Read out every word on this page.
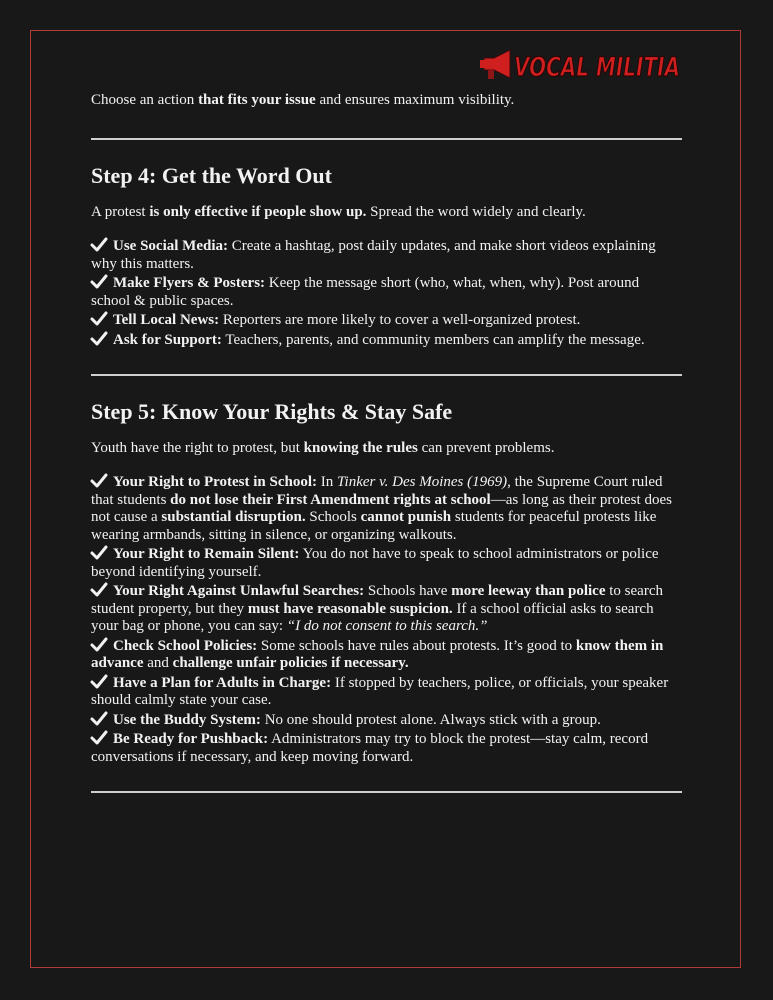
VOCAL MILITIA

Choose an action that fits your issue and ensures maximum visibility.

Step 4: Get the Word Out

A protest is only effective if people show up. Spread the word widely and clearly.

Use Social Media: Create a hashtag, post daily updates, and make short videos explaining why this matters.

Make Flyers & Posters: Keep the message short (who, what, when, why). Post around school & public spaces.

Tell Local News: Reporters are more likely to cover a well-organized protest.

Ask for Support: Teachers, parents, and community members can amplify the message.

Step 5: Know Your Rights & Stay Safe

Youth have the right to protest, but knowing the rules can prevent problems.

Your Right to Protest in School: In Tinker v. Des Moines (1969), the Supreme Court ruled that students do not lose their First Amendment rights at school—as long as their protest does not cause a substantial disruption. Schools cannot punish students for peaceful protests like wearing armbands, sitting in silence, or organizing walkouts.

Your Right to Remain Silent: You do not have to speak to school administrators or police beyond identifying yourself.

Your Right Against Unlawful Searches: Schools have more leeway than police to search student property, but they must have reasonable suspicion. If a school official asks to search your bag or phone, you can say: “I do not consent to this search.”

Check School Policies: Some schools have rules about protests. It’s good to know them in advance and challenge unfair policies if necessary.

Have a Plan for Adults in Charge: If stopped by teachers, police, or officials, your speaker should calmly state your case.

Use the Buddy System: No one should protest alone. Always stick with a group.

Be Ready for Pushback: Administrators may try to block the protest—stay calm, record conversations if necessary, and keep moving forward.
